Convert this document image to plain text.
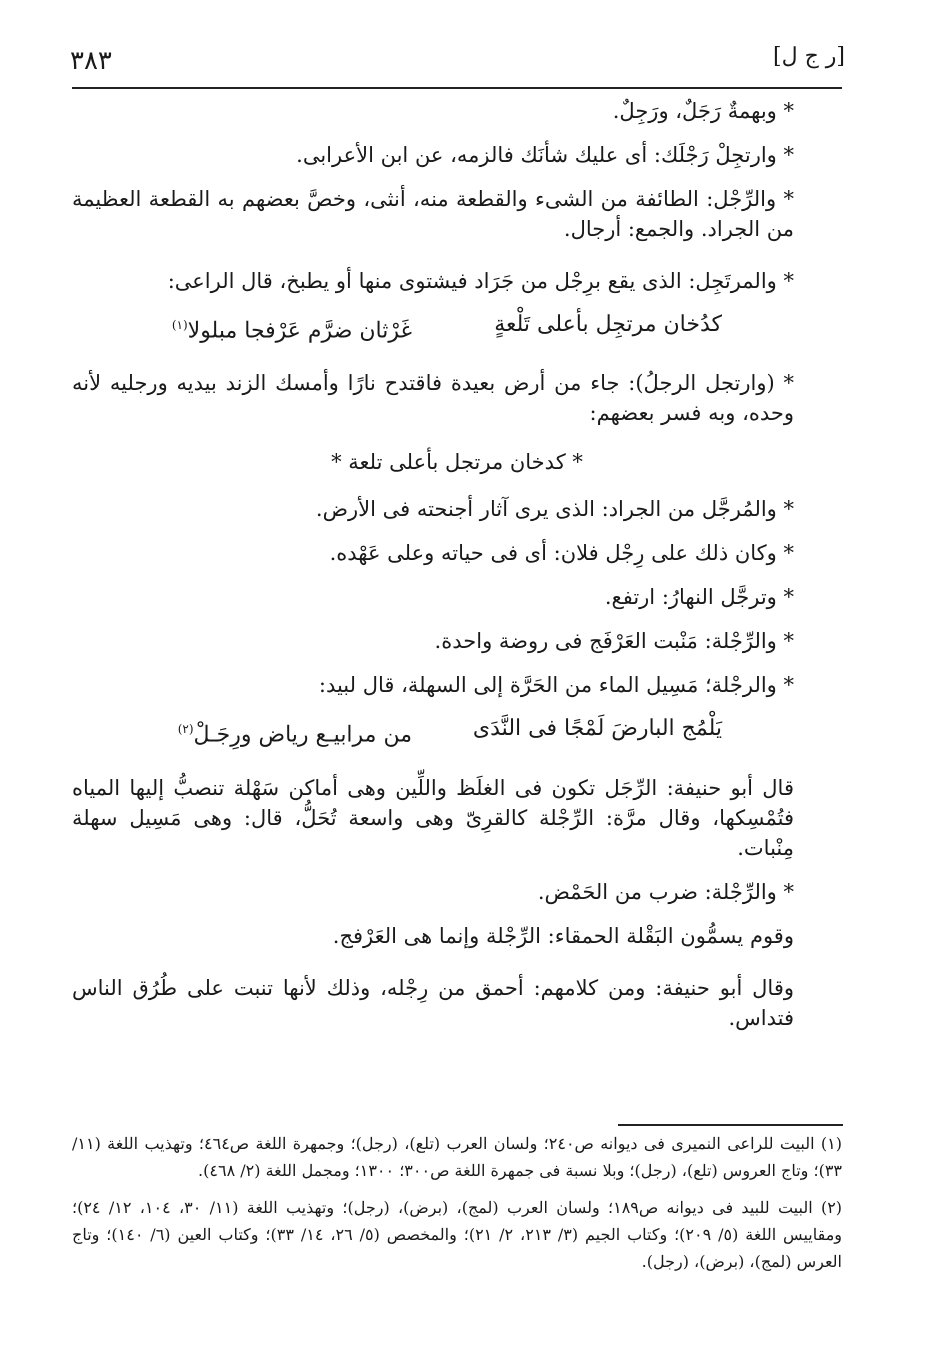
٣٨٣	[ر ج ل]

* وبهمةٌ رَجَلٌ، ورَجِلٌ.

* وارتجِلْ رَجْلَك: أى عليك شأنَك فالزمه، عن ابن الأعرابى.

* والرِّجْل: الطائفة من الشىء والقطعة منه، أنثى، وخصَّ بعضهم به القطعة العظيمة من الجراد. والجمع: أرجال.

* والمرتَجِل: الذى يقع برِجْل من جَرَاد فيشتوى منها أو يطبخ، قال الراعى:

كدُخان مرتجِل بأعلى تَلْعةٍ
غَرْثان ضرَّم عَرْفجا مبلولا$^{(١)}$

* (وارتجل الرجلُ): جاء من أرض بعيدة فاقتدح نارًا وأمسك الزند بيديه ورجليه لأنه وحده، وبه فسر بعضهم:

* كدخان مرتجل بأعلى تلعة *

* والمُرجَّل من الجراد: الذى يرى آثار أجنحته فى الأرض.

* وكان ذلك على رِجْل فلان: أى فى حياته وعلى عَهْده.

* وترجَّل النهارُ: ارتفع.

* والرِّجْلة: مَنْبت العَرْفَج فى روضة واحدة.

* والرجْلة؛ مَسِيل الماء من الحَرَّة إلى السهلة، قال لبيد:

يَلْمُج البارضَ لَمْجًا فى النَّدَى
من مرابيـع رياض ورِجَـلْ$^{(٢)}$

قال أبو حنيفة: الرِّجَل تكون فى الغلَظ واللِّين وهى أماكن سَهْلة تنصبُّ إليها المياه فتُمْسِكها، وقال مرَّة: الرِّجْلة كالقرِىّ وهى واسعة تُحَلُّ، قال: وهى مَسِيل سهلة مِنْبات.

* والرِّجْلة: ضرب من الحَمْض.

وقوم يسمُّون البَقْلة الحمقاء: الرِّجْلة وإنما هى العَرْفج.

وقال أبو حنيفة: ومن كلامهم: أحمق من رِجْله، وذلك لأنها تنبت على طُرُق الناس فتداس.

(١) البيت للراعى النميرى فى ديوانه ص٢٤٠؛ ولسان العرب (تلع)، (رجل)؛ وجمهرة اللغة ص٤٦٤؛ وتهذيب اللغة (١١/ ٣٣)؛ وتاج العروس (تلع)، (رجل)؛ وبلا نسبة فى جمهرة اللغة ص٣٠٠؛ ١٣٠٠؛ ومجمل اللغة (٢/ ٤٦٨).

(٢) البيت للبيد فى ديوانه ص١٨٩؛ ولسان العرب (لمج)، (برض)، (رجل)؛ وتهذيب اللغة (١١/ ٣٠، ١٠٤، ١٢/ ٢٤)؛ ومقاييس اللغة (٥/ ٢٠٩)؛ وكتاب الجيم (٣/ ٢١٣، ٢/ ٢١)؛ والمخصص (٥/ ٢٦، ١٤/ ٣٣)؛ وكتاب العين (٦/ ١٤٠)؛ وتاج العرس (لمج)، (برض)، (رجل).
